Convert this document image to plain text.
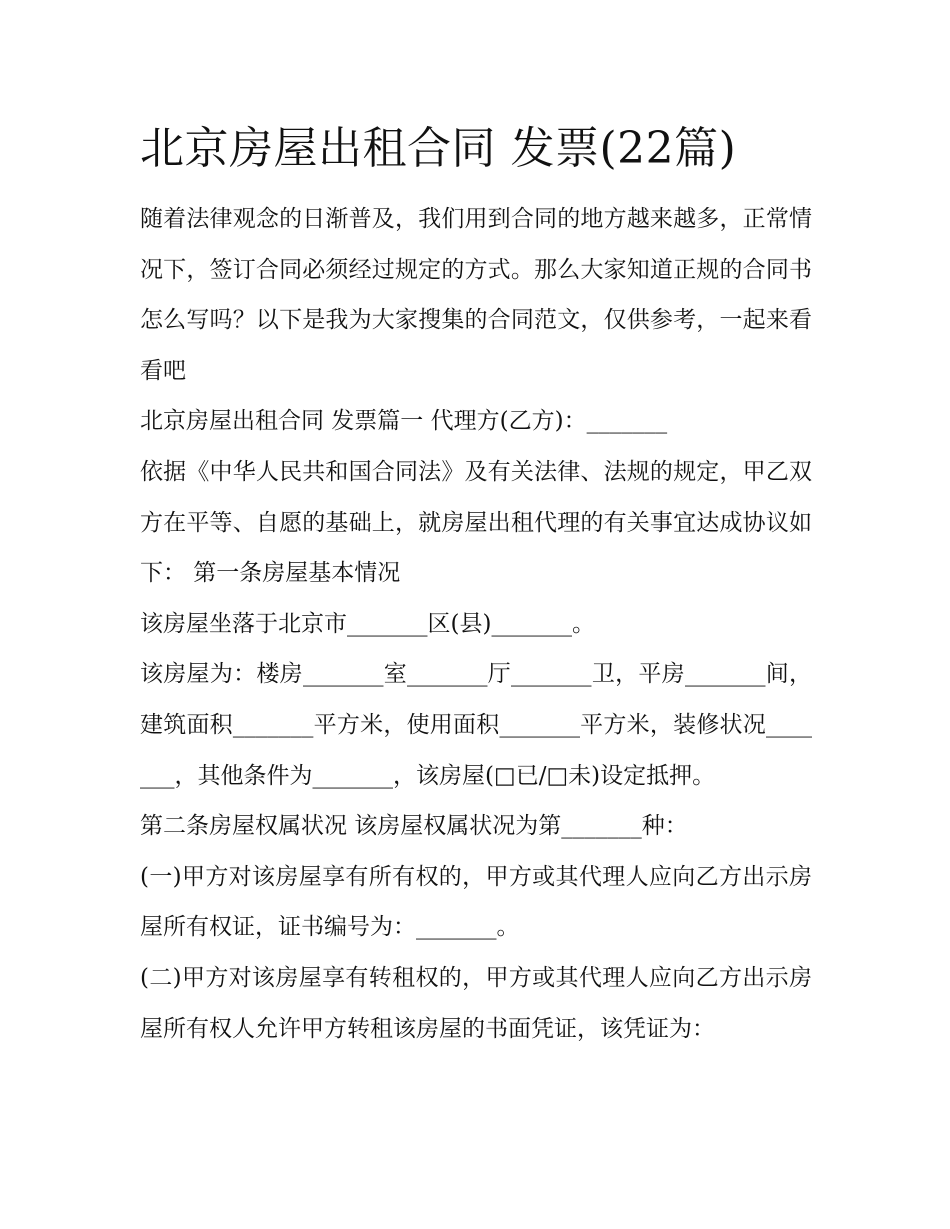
北京房屋出租合同 发票(22篇)

随着法律观念的日渐普及，我们用到合同的地方越来越多，正常情况下，签订合同必须经过规定的方式。那么大家知道正规的合同书怎么写吗？以下是我为大家搜集的合同范文，仅供参考，一起来看看吧

北京房屋出租合同 发票篇一 代理方(乙方)：_______

依据《中华人民共和国合同法》及有关法律、法规的规定，甲乙双方在平等、自愿的基础上，就房屋出租代理的有关事宜达成协议如下： 第一条房屋基本情况

该房屋坐落于北京市_______区(县)_______。

该房屋为：楼房_______室_______厅_______卫，平房_______间，建筑面积_______平方米，使用面积_______平方米，装修状况_______，其他条件为_______，该房屋(□已/□未)设定抵押。

第二条房屋权属状况 该房屋权属状况为第_______种：

(一)甲方对该房屋享有所有权的，甲方或其代理人应向乙方出示房屋所有权证，证书编号为：_______。

(二)甲方对该房屋享有转租权的，甲方或其代理人应向乙方出示房屋所有权人允许甲方转租该房屋的书面凭证，该凭证为：
